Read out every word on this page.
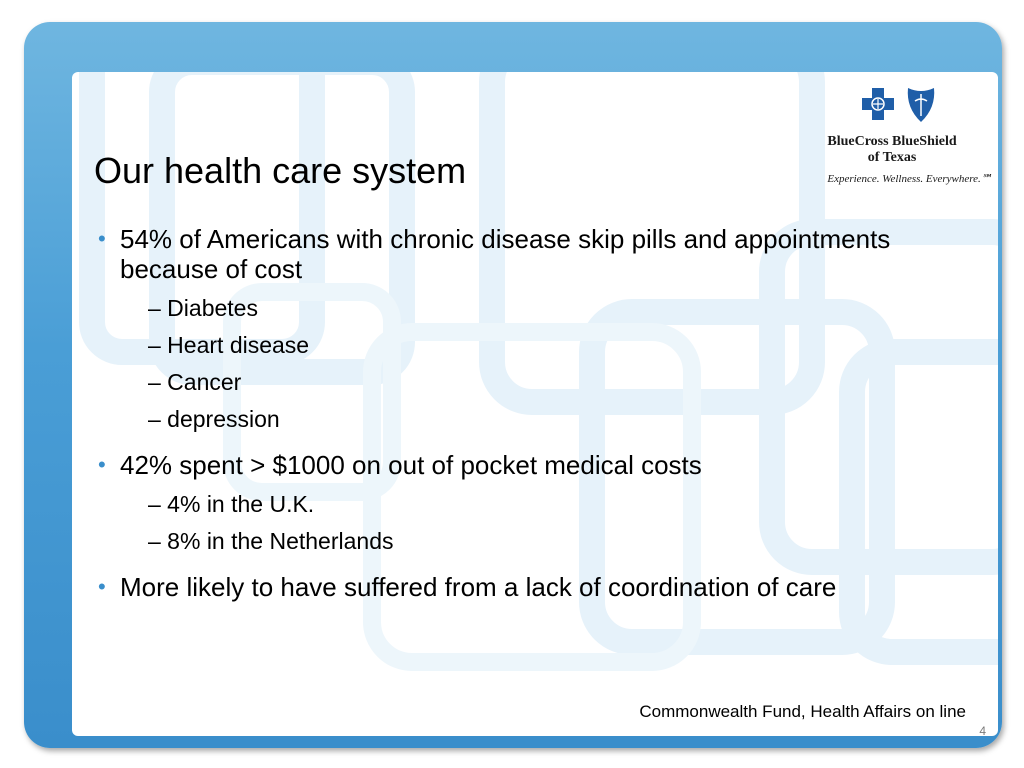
Our health care system
BlueCross BlueShield
of Texas
Experience. Wellness. Everywhere.℠

• 54% of Americans with chronic disease skip pills and appointments because of cost

– Diabetes
– Heart disease
– Cancer
– depression

• 42% spent > $1000 on out of pocket medical costs

– 4% in the U.K.
– 8% in the Netherlands

• More likely to have suffered from a lack of coordination of care

Commonwealth Fund, Health Affairs on line
4
